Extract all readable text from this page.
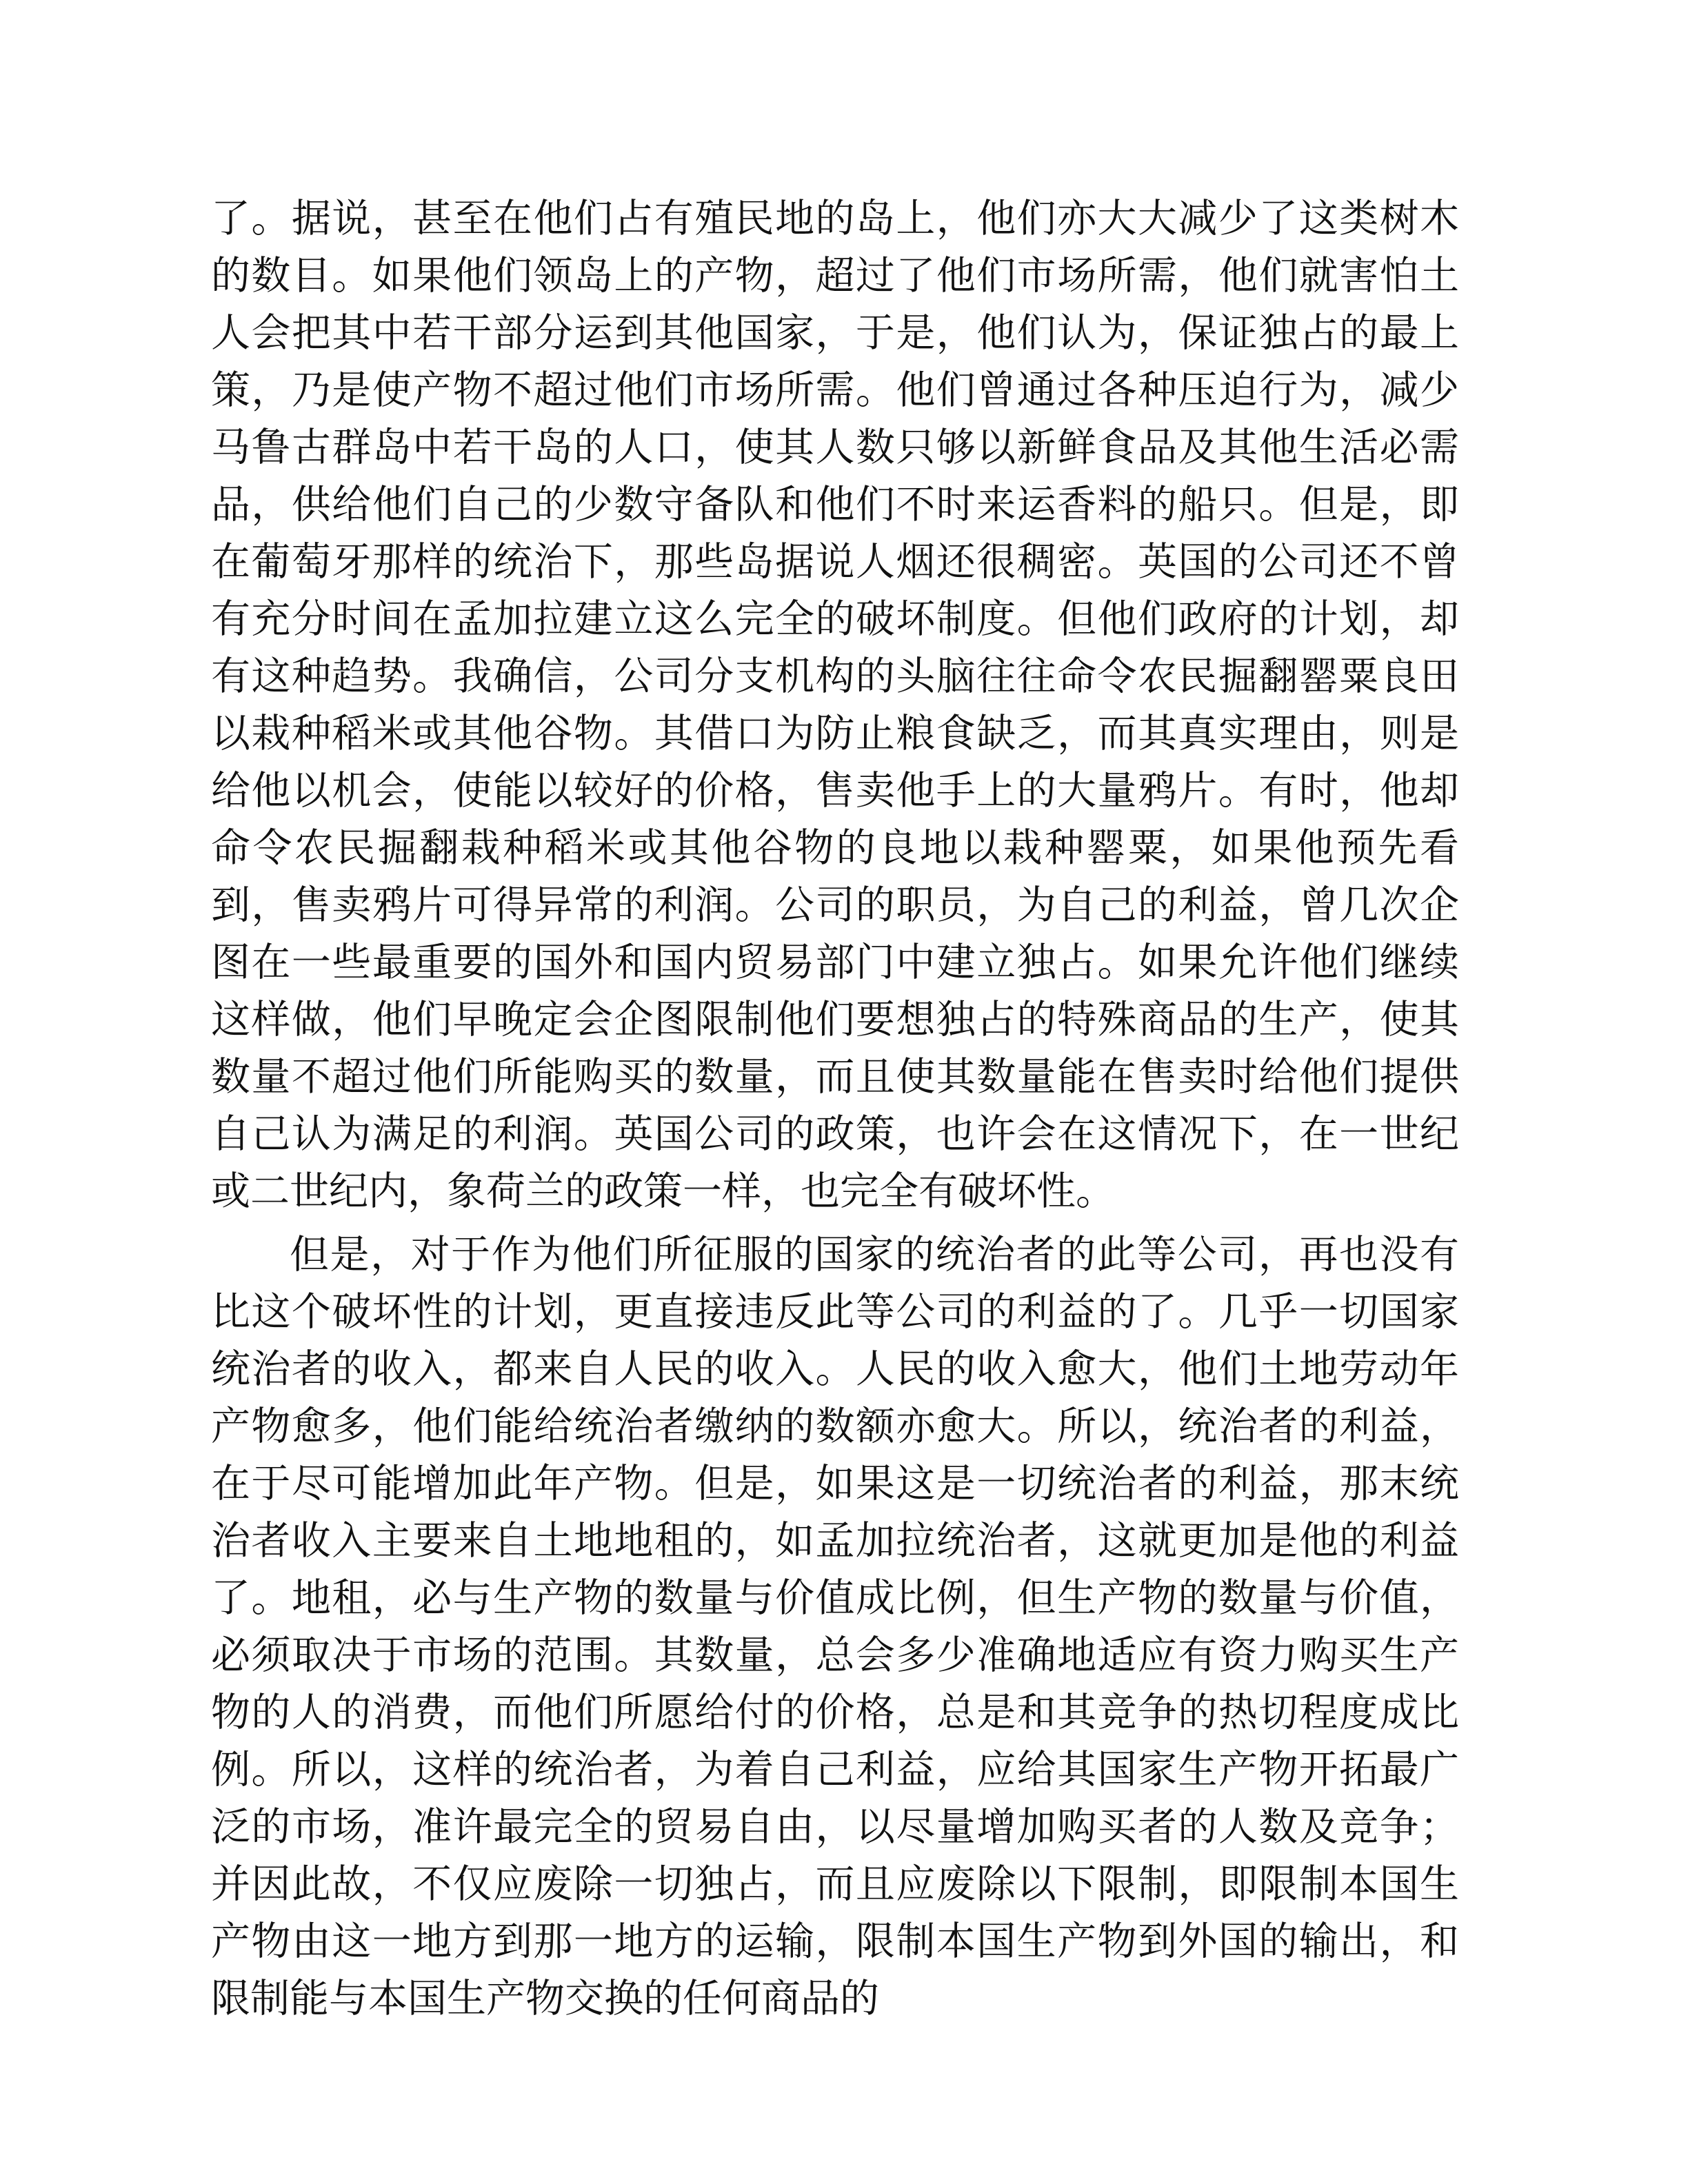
了。据说，甚至在他们占有殖民地的岛上，他们亦大大减少了这类树木的数目。如果他们领岛上的产物，超过了他们市场所需，他们就害怕土人会把其中若干部分运到其他国家，于是，他们认为，保证独占的最上策，乃是使产物不超过他们市场所需。他们曾通过各种压迫行为，减少马鲁古群岛中若干岛的人口，使其人数只够以新鲜食品及其他生活必需品，供给他们自己的少数守备队和他们不时来运香料的船只。但是，即在葡萄牙那样的统治下，那些岛据说人烟还很稠密。英国的公司还不曾有充分时间在孟加拉建立这么完全的破坏制度。但他们政府的计划，却有这种趋势。我确信，公司分支机构的头脑往往命令农民掘翻罂粟良田以栽种稻米或其他谷物。其借口为防止粮食缺乏，而其真实理由，则是给他以机会，使能以较好的价格，售卖他手上的大量鸦片。有时，他却命令农民掘翻栽种稻米或其他谷物的良地以栽种罂粟，如果他预先看到，售卖鸦片可得异常的利润。公司的职员，为自己的利益，曾几次企图在一些最重要的国外和国内贸易部门中建立独占。如果允许他们继续这样做，他们早晚定会企图限制他们要想独占的特殊商品的生产，使其数量不超过他们所能购买的数量，而且使其数量能在售卖时给他们提供自己认为满足的利润。英国公司的政策，也许会在这情况下，在一世纪或二世纪内，象荷兰的政策一样，也完全有破坏性。

但是，对于作为他们所征服的国家的统治者的此等公司，再也没有比这个破坏性的计划，更直接违反此等公司的利益的了。几乎一切国家统治者的收入，都来自人民的收入。人民的收入愈大，他们土地劳动年产物愈多，他们能给统治者缴纳的数额亦愈大。所以，统治者的利益，在于尽可能增加此年产物。但是，如果这是一切统治者的利益，那末统治者收入主要来自土地地租的，如孟加拉统治者，这就更加是他的利益了。地租，必与生产物的数量与价值成比例，但生产物的数量与价值，必须取决于市场的范围。其数量，总会多少准确地适应有资力购买生产物的人的消费，而他们所愿给付的价格，总是和其竞争的热切程度成比例。所以，这样的统治者，为着自己利益，应给其国家生产物开拓最广泛的市场，准许最完全的贸易自由，以尽量增加购买者的人数及竞争；并因此故，不仅应废除一切独占，而且应废除以下限制，即限制本国生产物由这一地方到那一地方的运输，限制本国生产物到外国的输出，和限制能与本国生产物交换的任何商品的
